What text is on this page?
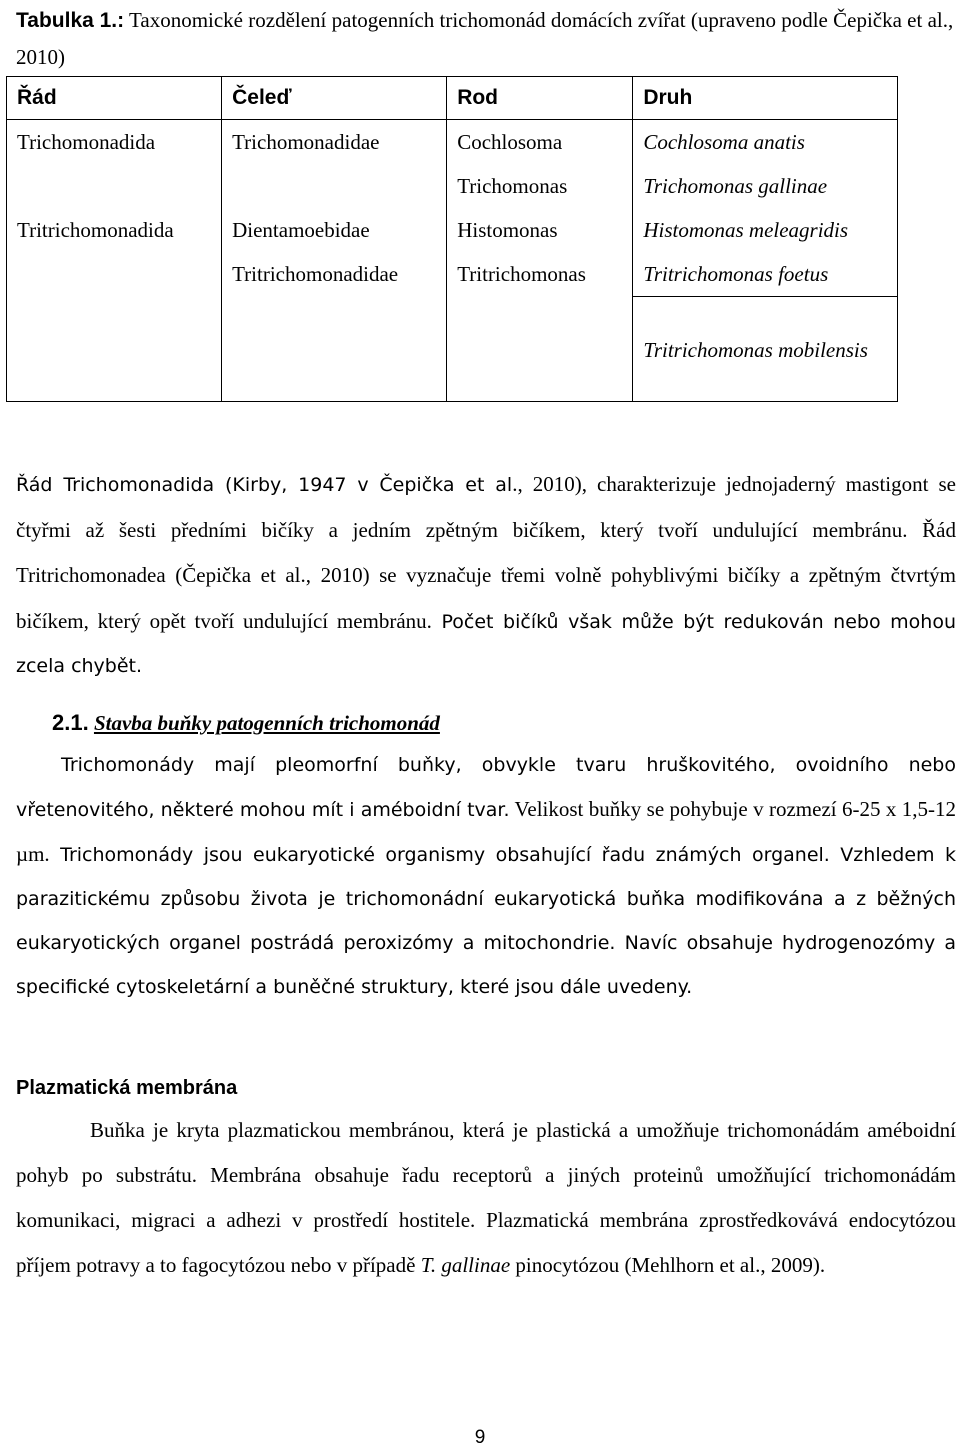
Tabulka 1.: Taxonomické rozdělení patogenních trichomonád domácích zvířat (upraveno podle Čepička et al., 2010)
Řád	Čeleď	Rod	Druh
Trichomonadida	Trichomonadidae	Cochlosoma	Cochlosoma anatis
		Trichomonas	Trichomonas gallinae
Tritrichomonadida	Dientamoebidae	Histomonas	Histomonas meleagridis
	Tritrichomonadidae	Tritrichomonas	Tritrichomonas foetus
			Tritrichomonas mobilensis
Řád Trichomonadida (Kirby, 1947 v Čepička et al., 2010), charakterizuje jednojaderný mastigont se čtyřmi až šesti předními bičíky a jedním zpětným bičíkem, který tvoří undulující membránu. Řád Tritrichomonadea (Čepička et al., 2010) se vyznačuje třemi volně pohyblivými bičíky a zpětným čtvrtým bičíkem, který opět tvoří undulující membránu. Počet bičíků však může být redukován nebo mohou zcela chybět.
2.1. Stavba buňky patogenních trichomonád
Trichomonády mají pleomorfní buňky, obvykle tvaru hruškovitého, ovoidního nebo vřetenovitého, některé mohou mít i améboidní tvar. Velikost buňky se pohybuje v rozmezí 6-25 x 1,5-12 µm. Trichomonády jsou eukaryotické organismy obsahující řadu známých organel. Vzhledem k parazitickému způsobu života je trichomonádní eukaryotická buňka modifikována a z běžných eukaryotických organel postrádá peroxizómy a mitochondrie. Navíc obsahuje hydrogenozómy a specifické cytoskeletární a buněčné struktury, které jsou dále uvedeny.
Plazmatická membrána
Buňka je kryta plazmatickou membránou, která je plastická a umožňuje trichomonádám améboidní pohyb po substrátu. Membrána obsahuje řadu receptorů a jiných proteinů umožňující trichomonádám komunikaci, migraci a adhezi v prostředí hostitele. Plazmatická membrána zprostředkovává endocytózou příjem potravy a to fagocytózou nebo v případě T. gallinae pinocytózou (Mehlhorn et al., 2009).
9
